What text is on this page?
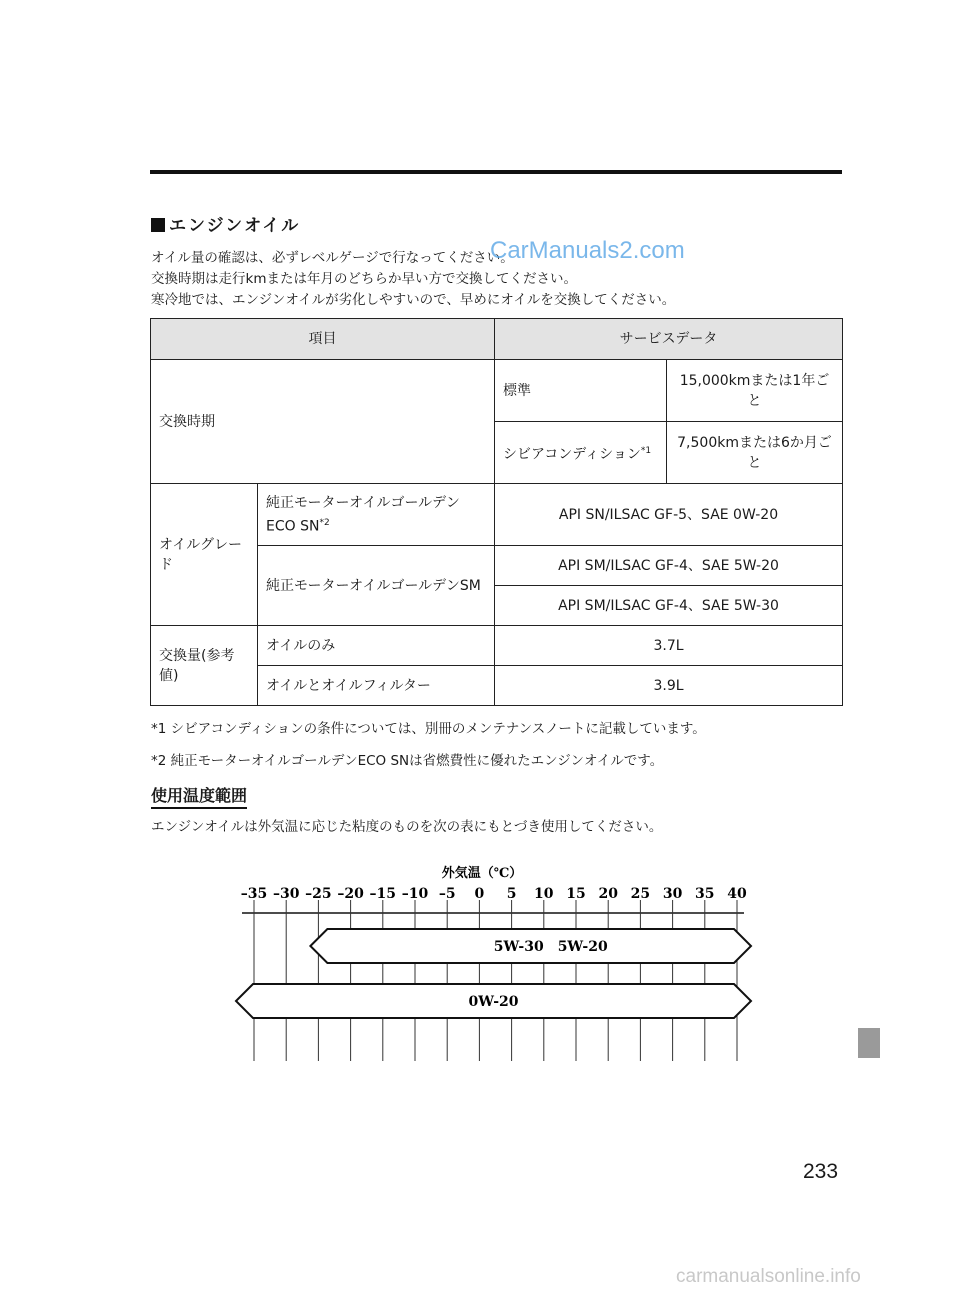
エンジンオイル

オイル量の確認は、必ずレベルゲージで行なってください。

交換時期は走行kmまたは年月のどちらか早い方で交換してください。

寒冷地では、エンジンオイルが劣化しやすいので、早めにオイルを交換してください。

CarManuals2.com
項目		サービスデータ	
交換時期		標準	15,000kmまたは1年ごと
		シビアコンディション$^{*1}$	7,500kmまたは6か月ごと
オイルグレード	純正モーターオイルゴールデンECO SN$^{*2}$	API SN/ILSAC GF-5、SAE 0W-20	
	純正モーターオイルゴールデンSM	API SM/ILSAC GF-4、SAE 5W-20	
		API SM/ILSAC GF-4、SAE 5W-30	
交換量(参考値)	オイルのみ	3.7L	
	オイルとオイルフィルター	3.9L	
*1 シビアコンディションの条件については、別冊のメンテナンスノートに記載しています。
*2 純正モーターオイルゴールデンECO SNは省燃費性に優れたエンジンオイルです。
使用温度範囲
エンジンオイルは外気温に応じた粘度のものを次の表にもとづき使用してください。
外気温（℃）
–35 –30 –25 –20 –15 –10 –5 0 5 10 15 20 25 30 35 40
5W-30　5W-20
0W-20
233
carmanualsonline.info
